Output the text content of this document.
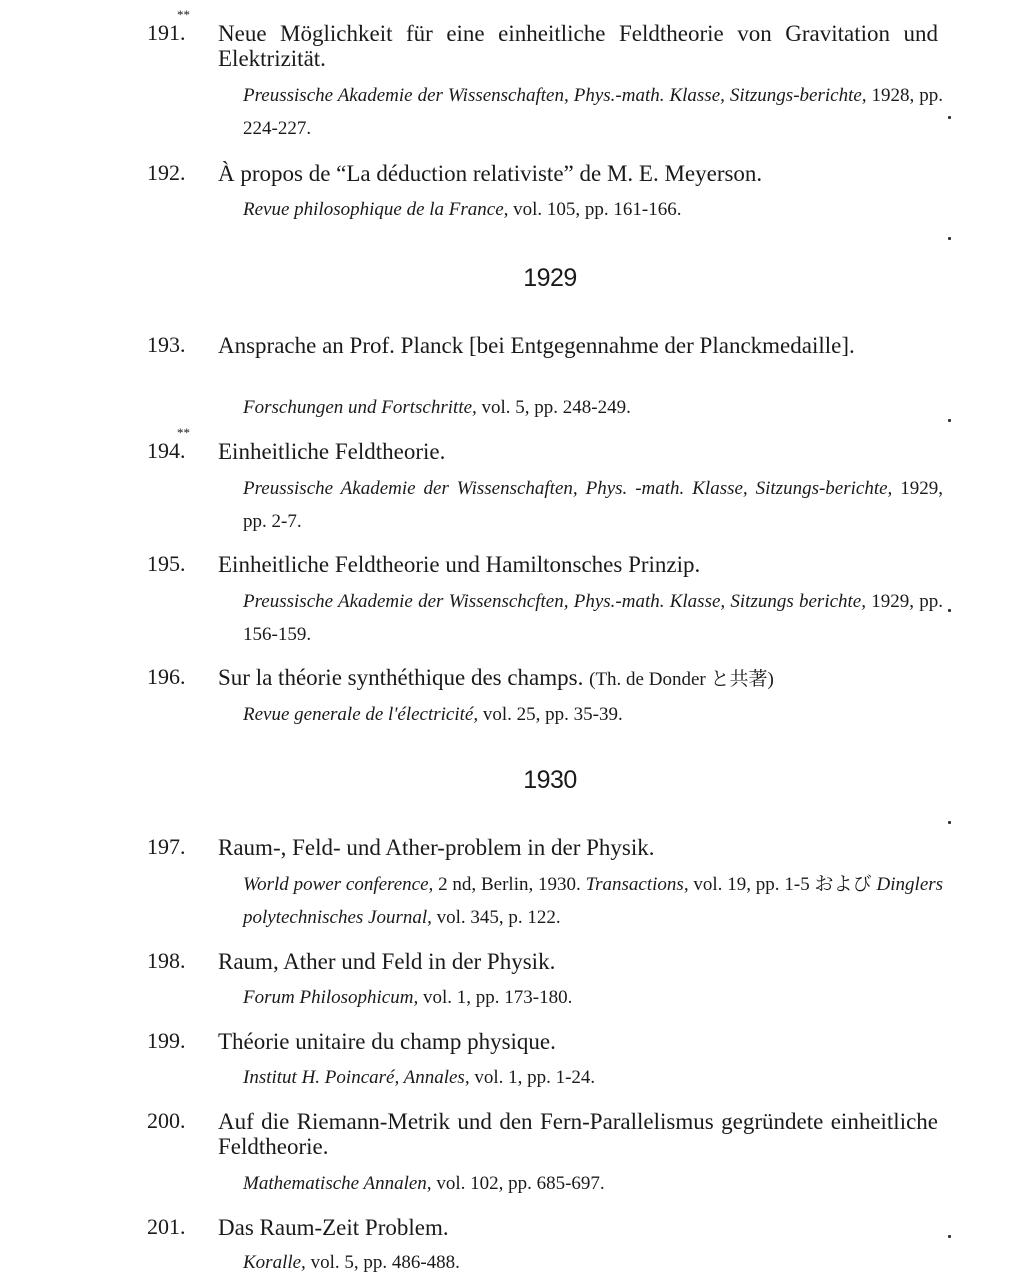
**
191. Neue Möglichkeit für eine einheitliche Feldtheorie von Gravitation und Elektrizität.
Preussische Akademie der Wissenschaften, Phys.-math. Klasse, Sitzungs-berichte, 1928, pp. 224-227.
192. À propos de “La déduction relativiste” de M. E. Meyerson.
Revue philosophique de la France, vol. 105, pp. 161-166.
1929
193. Ansprache an Prof. Planck [bei Entgegennahme der Planckmedaille].
Forschungen und Fortschritte, vol. 5, pp. 248-249.
**
194. Einheitliche Feldtheorie.
Preussische Akademie der Wissenschaften, Phys. -math. Klasse, Sitzungs-berichte, 1929, pp. 2-7.
195. Einheitliche Feldtheorie und Hamiltonsches Prinzip.
Preussische Akademie der Wissenschcften, Phys.-math. Klasse, Sitzungs berichte, 1929, pp. 156-159.
196. Sur la théorie synthéthique des champs. (Th. de Donder と共著)
Revue generale de l'électricité, vol. 25, pp. 35-39.
1930
197. Raum-, Feld- und Ather-problem in der Physik.
World power conference, 2 nd, Berlin, 1930. Transactions, vol. 19, pp. 1-5 および Dinglers polytechnisches Journal, vol. 345, p. 122.
198. Raum, Ather und Feld in der Physik.
Forum Philosophicum, vol. 1, pp. 173-180.
199. Théorie unitaire du champ physique.
Institut H. Poincaré, Annales, vol. 1, pp. 1-24.
200. Auf die Riemann-Metrik und den Fern-Parallelismus gegründete einheitliche Feldtheorie.
Mathematische Annalen, vol. 102, pp. 685-697.
201. Das Raum-Zeit Problem.
Koralle, vol. 5, pp. 486-488.
